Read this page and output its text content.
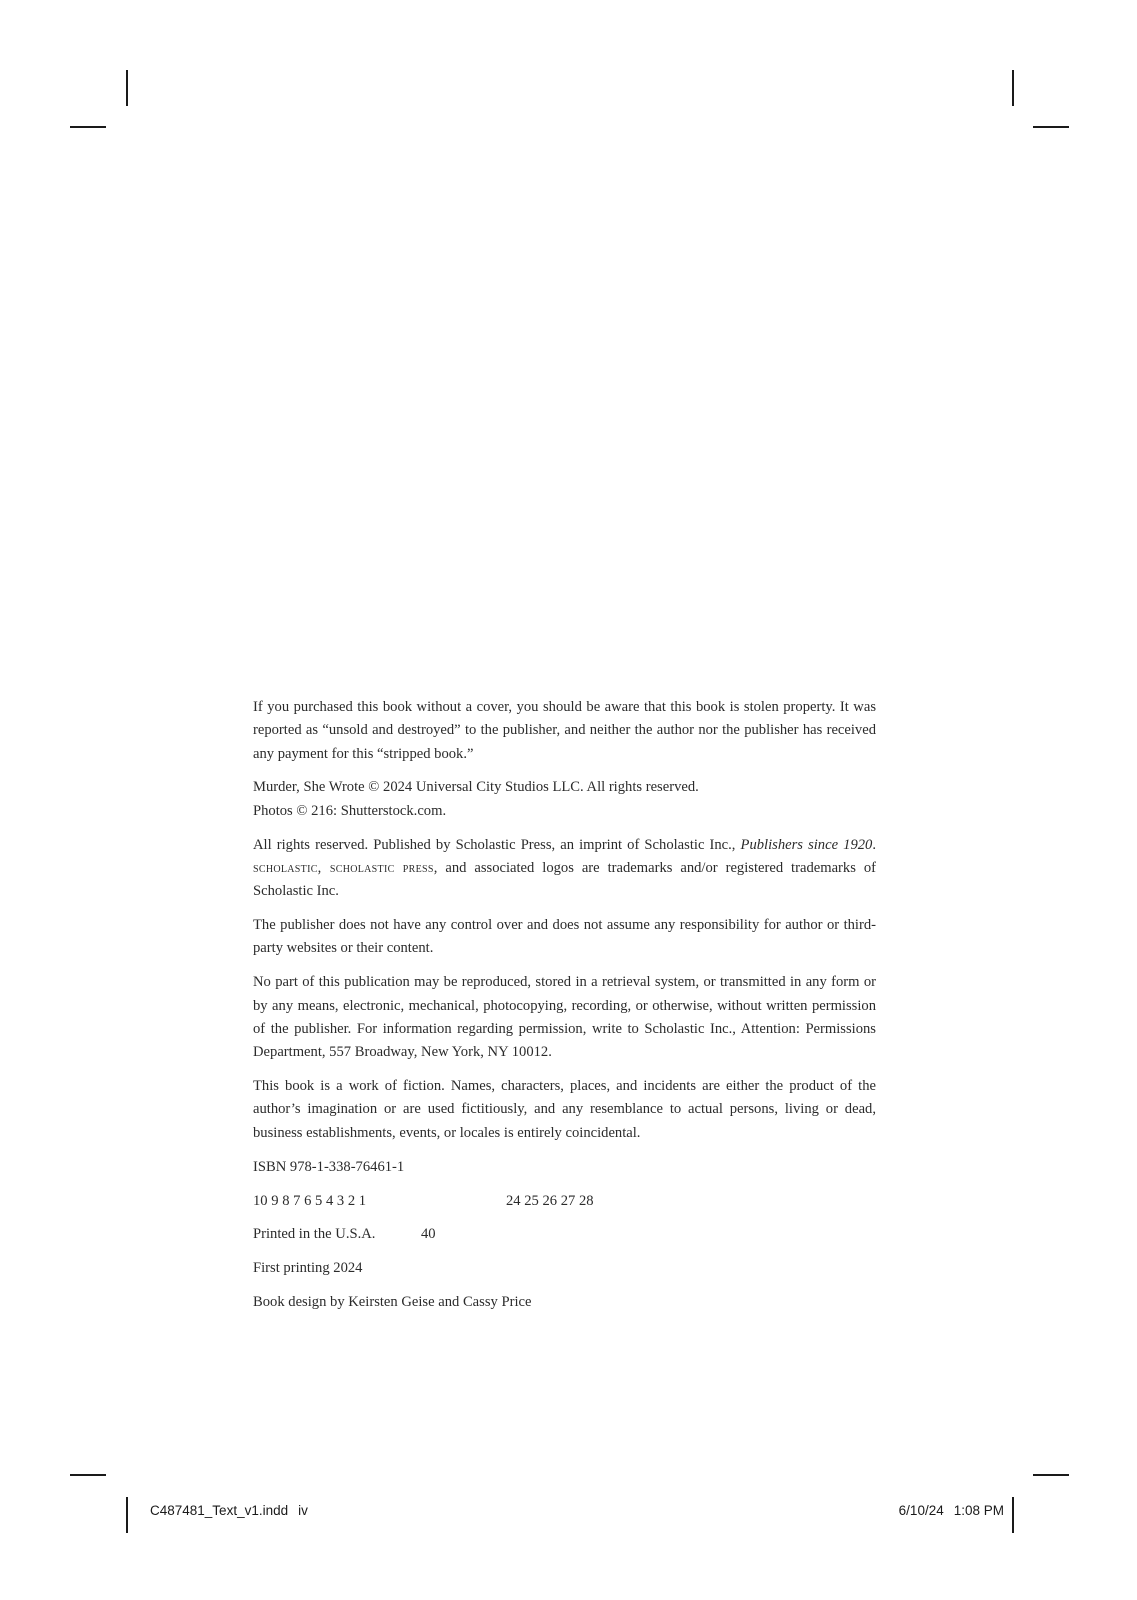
If you purchased this book without a cover, you should be aware that this book is stolen property. It was reported as “unsold and destroyed” to the publisher, and neither the author nor the publisher has received any payment for this “stripped book.”

Murder, She Wrote © 2024 Universal City Studios LLC. All rights reserved.
Photos © 216: Shutterstock.com.

All rights reserved. Published by Scholastic Press, an imprint of Scholastic Inc., Publishers since 1920. scholastic, scholastic press, and associated logos are trademarks and/or registered trademarks of Scholastic Inc.

The publisher does not have any control over and does not assume any responsibility for author or third-party websites or their content.

No part of this publication may be reproduced, stored in a retrieval system, or transmitted in any form or by any means, electronic, mechanical, photocopying, recording, or otherwise, without written permission of the publisher. For information regarding permission, write to Scholastic Inc., Attention: Permissions Department, 557 Broadway, New York, NY 10012.

This book is a work of fiction. Names, characters, places, and incidents are either the product of the author’s imagination or are used fictitiously, and any resemblance to actual persons, living or dead, business establishments, events, or locales is entirely coincidental.

ISBN 978-1-338-76461-1

10 9 8 7 6 5 4 3 2 1	24 25 26 27 28

Printed in the U.S.A.	40

First printing 2024

Book design by Keirsten Geise and Cassy Price

C487481_Text_v1.indd iv	6/10/24 1:08 PM
